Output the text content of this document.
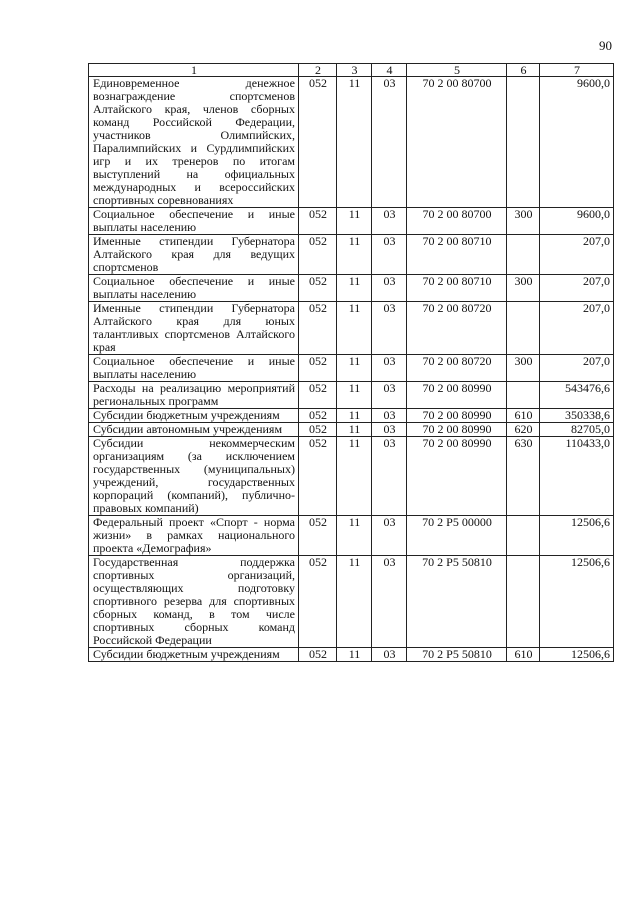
90
1	2	3	4	5	6	7
Единовременное денежное вознаграждение спортсменов Алтайского края, членов сборных команд Российской Федерации, участников Олимпийских, Паралимпийских и Сурдлимпийских игр и их тренеров по итогам выступлений на официальных международных и всероссийских спортивных соревнованиях	052	11	03	70 2 00 80700		9600,0
Социальное обеспечение и иные выплаты населению	052	11	03	70 2 00 80700	300	9600,0
Именные стипендии Губернатора Алтайского края для ведущих спортсменов	052	11	03	70 2 00 80710		207,0
Социальное обеспечение и иные выплаты населению	052	11	03	70 2 00 80710	300	207,0
Именные стипендии Губернатора Алтайского края для юных талантливых спортсменов Алтайского края	052	11	03	70 2 00 80720		207,0
Социальное обеспечение и иные выплаты населению	052	11	03	70 2 00 80720	300	207,0
Расходы на реализацию мероприятий региональных программ	052	11	03	70 2 00 80990		543476,6
Субсидии бюджетным учреждениям	052	11	03	70 2 00 80990	610	350338,6
Субсидии автономным учреждениям	052	11	03	70 2 00 80990	620	82705,0
Субсидии некоммерческим организациям (за исключением государственных (муниципальных) учреждений, государственных корпораций (компаний), публично-правовых компаний)	052	11	03	70 2 00 80990	630	110433,0
Федеральный проект «Спорт - норма жизни» в рамках национального проекта «Демография»	052	11	03	70 2 P5 00000		12506,6
Государственная поддержка спортивных организаций, осуществляющих подготовку спортивного резерва для спортивных сборных команд, в том числе спортивных сборных команд Российской Федерации	052	11	03	70 2 P5 50810		12506,6
Субсидии бюджетным учреждениям	052	11	03	70 2 P5 50810	610	12506,6
